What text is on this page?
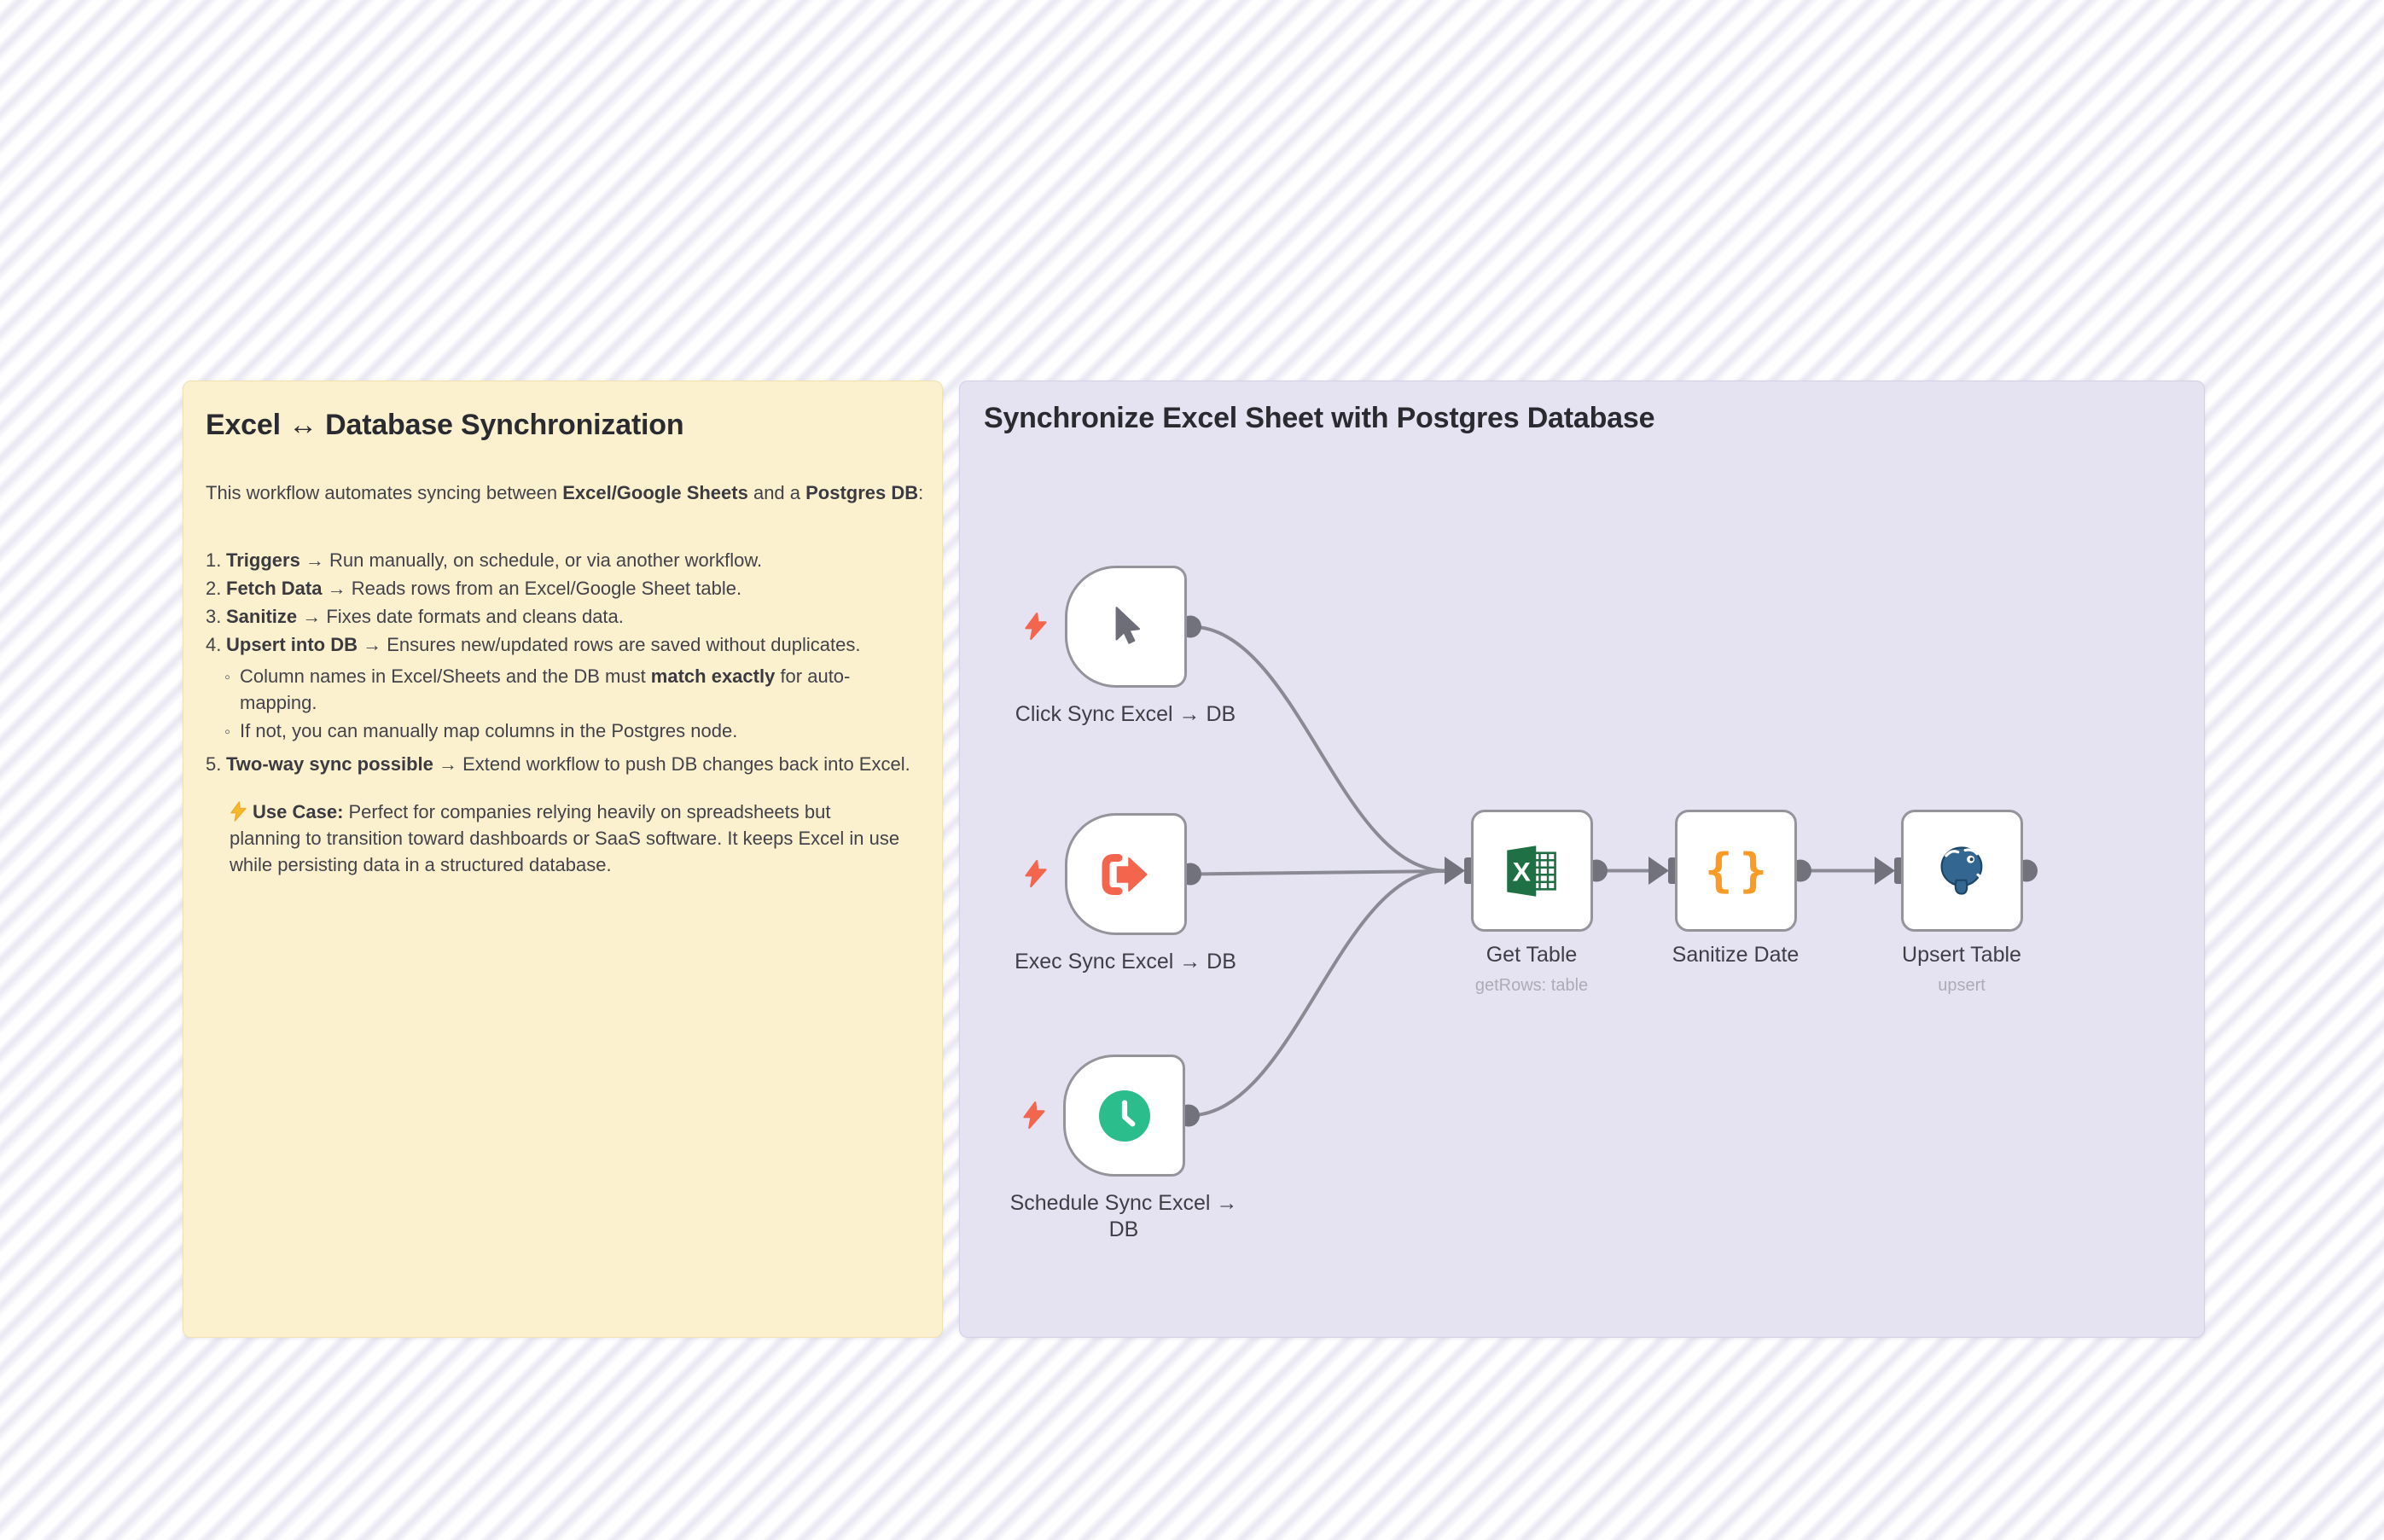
Excel ↔ Database Synchronization

This workflow automates syncing between Excel/Google Sheets and a Postgres DB:

1. Triggers → Run manually, on schedule, or via another workflow.
2. Fetch Data → Reads rows from an Excel/Google Sheet table.
3. Sanitize → Fixes date formats and cleans data.
4. Upsert into DB → Ensures new/updated rows are saved without duplicates.
◦
Column names in Excel/Sheets and the DB must match exactly for auto-mapping.
◦
If not, you can manually map columns in the Postgres node.
5. Two-way sync possible → Extend workflow to push DB changes back into Excel.

Use Case: Perfect for companies relying heavily on spreadsheets but planning to transition toward dashboards or SaaS software. It keeps Excel in use while persisting data in a structured database.

Synchronize Excel Sheet with Postgres Database
X	{}
Click Sync Excel → DB
Exec Sync Excel → DB
Schedule Sync Excel → DB
Get Table
getRows: table
Sanitize Date	Upsert Table
upsert
